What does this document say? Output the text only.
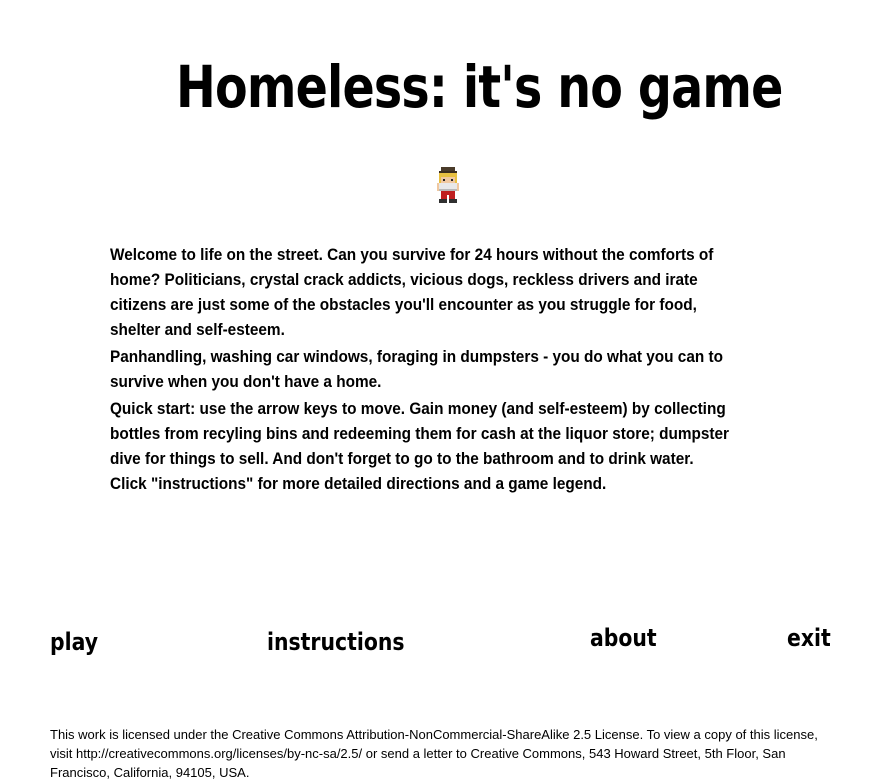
Homeless: it's no game

Welcome to life on the street. Can you survive for 24 hours without the comforts of home? Politicians, crystal crack addicts, vicious dogs, reckless drivers and irate citizens are just some of the obstacles you'll encounter as you struggle for food, shelter and self-esteem.

Panhandling, washing car windows, foraging in dumpsters - you do what you can to survive when you don't have a home.

Quick start: use the arrow keys to move. Gain money (and self-esteem) by collecting bottles from recyling bins and redeeming them for cash at the liquor store; dumpster dive for things to sell. And don't forget to go to the bathroom and to drink water. Click "instructions" for more detailed directions and a game legend.

play	instructions	about	exit
This work is licensed under the Creative Commons Attribution-NonCommercial-ShareAlike 2.5 License. To view a copy of this license, visit http://creativecommons.org/licenses/by-nc-sa/2.5/ or send a letter to Creative Commons, 543 Howard Street, 5th Floor, San Francisco, California, 94105, USA.
